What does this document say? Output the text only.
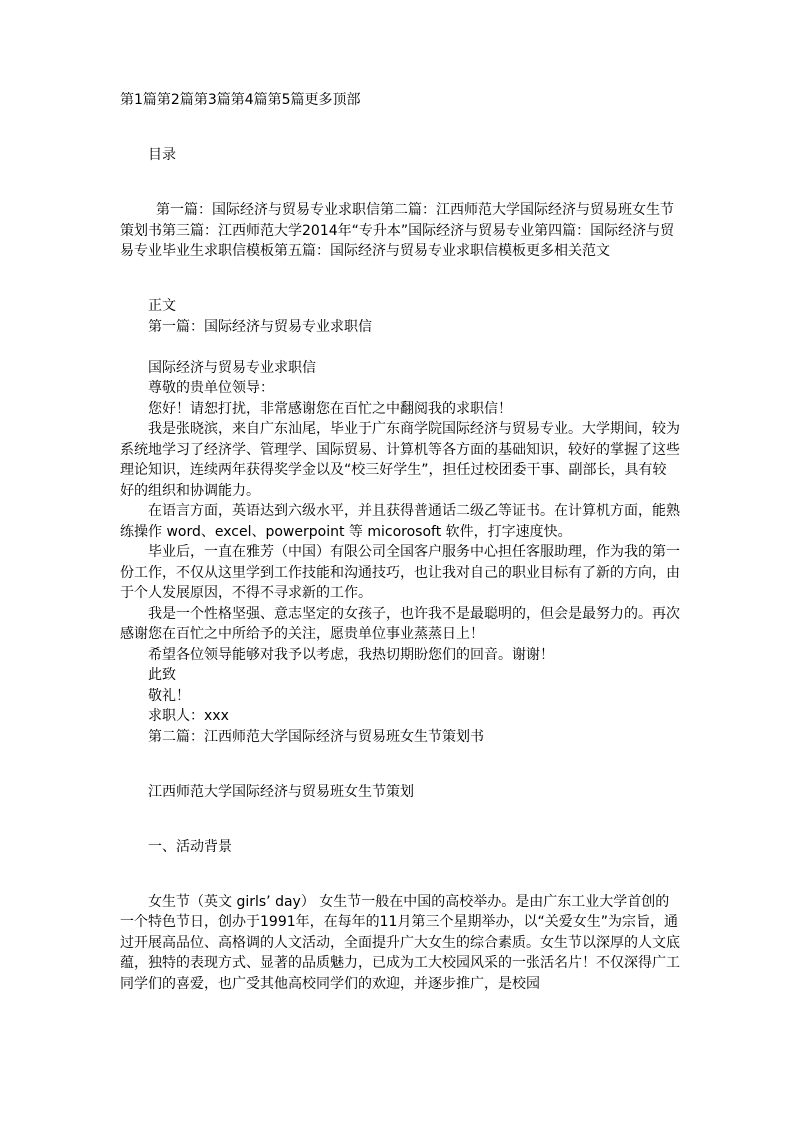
第1篇第2篇第3篇第4篇第5篇更多顶部

目录

第一篇：国际经济与贸易专业求职信第二篇：江西师范大学国际经济与贸易班女生节策划书第三篇：江西师范大学2014年“专升本”国际经济与贸易专业第四篇：国际经济与贸易专业毕业生求职信模板第五篇：国际经济与贸易专业求职信模板更多相关范文

正文

第一篇：国际经济与贸易专业求职信

国际经济与贸易专业求职信

尊敬的贵单位领导：

您好！请恕打扰，非常感谢您在百忙之中翻阅我的求职信！

我是张晓滨，来自广东汕尾，毕业于广东商学院国际经济与贸易专业。大学期间，较为系统地学习了经济学、管理学、国际贸易、计算机等各方面的基础知识，较好的掌握了这些理论知识，连续两年获得奖学金以及“校三好学生”，担任过校团委干事、副部长，具有较好的组织和协调能力。

在语言方面，英语达到六级水平，并且获得普通话二级乙等证书。在计算机方面，能熟练操作 word、excel、powerpoint 等 micorosoft 软件，打字速度快。

毕业后，一直在雅芳（中国）有限公司全国客户服务中心担任客服助理，作为我的第一份工作，不仅从这里学到工作技能和沟通技巧，也让我对自己的职业目标有了新的方向，由于个人发展原因，不得不寻求新的工作。

我是一个性格坚强、意志坚定的女孩子，也许我不是最聪明的，但会是最努力的。再次感谢您在百忙之中所给予的关注，愿贵单位事业蒸蒸日上！

希望各位领导能够对我予以考虑，我热切期盼您们的回音。谢谢！

此致

敬礼！

求职人：xxx

第二篇：江西师范大学国际经济与贸易班女生节策划书

江西师范大学国际经济与贸易班女生节策划

一、活动背景

女生节（英文 girls’ day） 女生节一般在中国的高校举办。是由广东工业大学首创的一个特色节日，创办于1991年，在每年的11月第三个星期举办，以“关爱女生”为宗旨，通过开展高品位、高格调的人文活动，全面提升广大女生的综合素质。女生节以深厚的人文底蕴，独特的表现方式、显著的品质魅力，已成为工大校园风采的一张活名片！不仅深得广工同学们的喜爱，也广受其他高校同学们的欢迎，并逐步推广，是校园
